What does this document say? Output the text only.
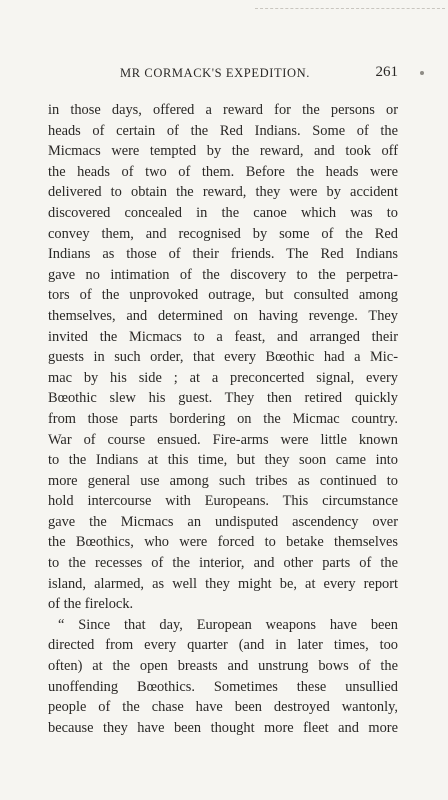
MR CORMACK'S EXPEDITION.	261
in those days, offered a reward for the persons or
heads of certain of the Red Indians. Some of the
Micmacs were tempted by the reward, and took off
the heads of two of them. Before the heads were
delivered to obtain the reward, they were by accident
discovered concealed in the canoe which was to
convey them, and recognised by some of the Red
Indians as those of their friends. The Red Indians
gave no intimation of the discovery to the perpetra-
tors of the unprovoked outrage, but consulted among
themselves, and determined on having revenge. They
invited the Micmacs to a feast, and arranged their
guests in such order, that every Bœothic had a Mic-
mac by his side ; at a preconcerted signal, every
Bœothic slew his guest. They then retired quickly
from those parts bordering on the Micmac country.
War of course ensued. Fire-arms were little known
to the Indians at this time, but they soon came into
more general use among such tribes as continued to
hold intercourse with Europeans. This circumstance
gave the Micmacs an undisputed ascendency over
the Bœothics, who were forced to betake themselves
to the recesses of the interior, and other parts of the
island, alarmed, as well they might be, at every report
of the firelock.
“ Since that day, European weapons have been
directed from every quarter (and in later times, too
often) at the open breasts and unstrung bows of the
unoffending Bœothics. Sometimes these unsullied
people of the chase have been destroyed wantonly,
because they have been thought more fleet and more
